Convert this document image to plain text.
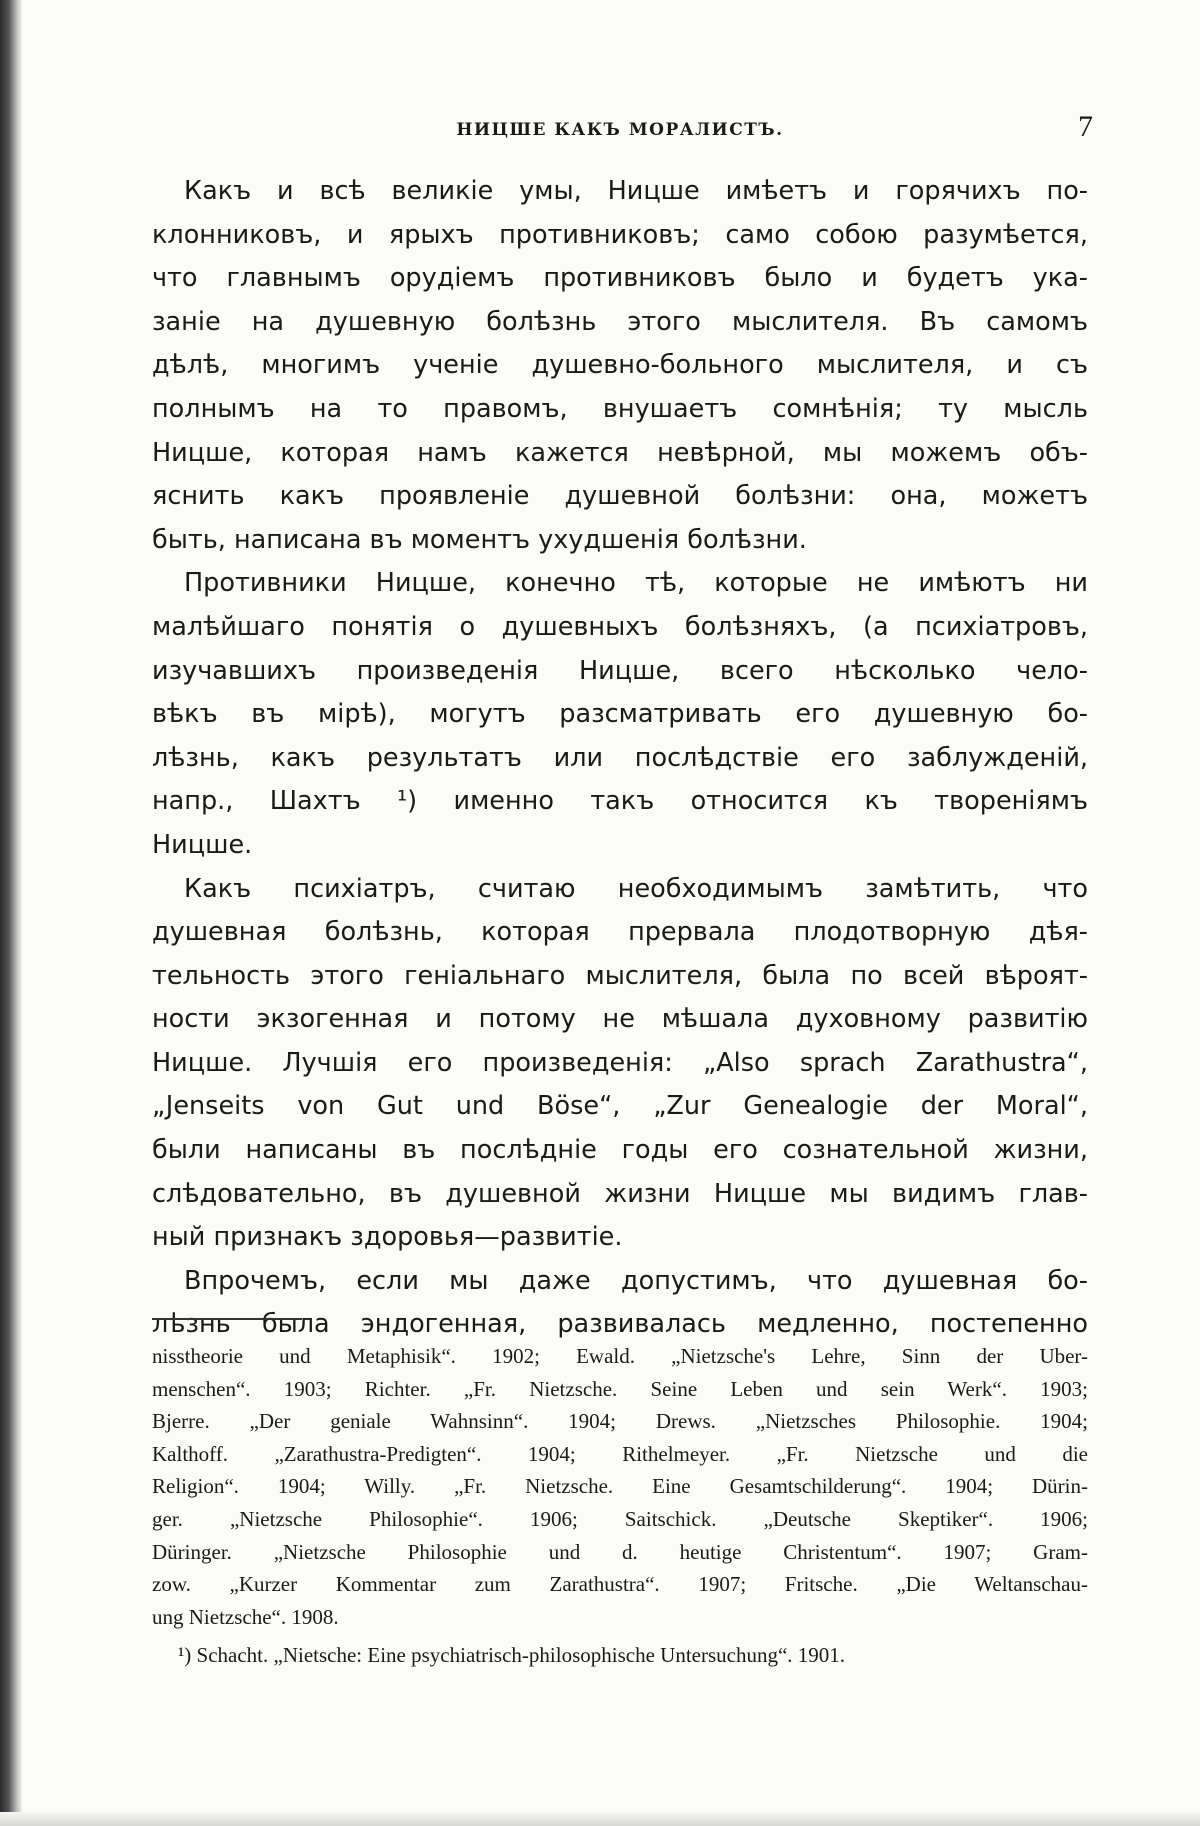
НИЦШЕ КАКЪ МОРАЛИСТЪ.	7
Какъ и всѣ великіе умы, Ницше имѣетъ и горячихъ по-
клонниковъ, и ярыхъ противниковъ; само собою разумѣется,
что главнымъ орудіемъ противниковъ было и будетъ ука-
заніе на душевную болѣзнь этого мыслителя. Въ самомъ
дѣлѣ, многимъ ученіе душевно-больного мыслителя, и съ
полнымъ на то правомъ, внушаетъ сомнѣнія; ту мысль
Ницше, которая намъ кажется невѣрной, мы можемъ объ-
яснить какъ проявленіе душевной болѣзни: она, можетъ
быть, написана въ моментъ ухудшенія болѣзни.
Противники Ницше, конечно тѣ, которые не имѣютъ ни
малѣйшаго понятія о душевныхъ болѣзняхъ, (а психіатровъ,
изучавшихъ произведенія Ницше, всего нѣсколько чело-
вѣкъ въ мірѣ), могутъ разсматривать его душевную бо-
лѣзнь, какъ результатъ или послѣдствіе его заблужденій,
напр., Шахтъ ¹) именно такъ относится къ твореніямъ
Ницше.
Какъ психіатръ, считаю необходимымъ замѣтить, что
душевная болѣзнь, которая прервала плодотворную дѣя-
тельность этого геніальнаго мыслителя, была по всей вѣроят-
ности экзогенная и потому не мѣшала духовному развитію
Ницше. Лучшія его произведенія: „Also sprach Zarathustra“,
„Jenseits von Gut und Böse“, „Zur Genealogie der Moral“,
были написаны въ послѣдніе годы его сознательной жизни,
слѣдовательно, въ душевной жизни Ницше мы видимъ глав-
ный признакъ здоровья—развитіе.
Впрочемъ, если мы даже допустимъ, что душевная бо-
лѣзнь была эндогенная, развивалась медленно, постепенно
nisstheorie und Metaphisik“. 1902; Ewald. „Nietzsche's Lehre, Sinn der Uber-
menschen“. 1903; Richter. „Fr. Nietzsche. Seine Leben und sein Werk“. 1903;
Bjerre. „Der geniale Wahnsinn“. 1904; Drews. „Nietzsches Philosophie. 1904;
Kalthoff. „Zarathustra-Predigten“. 1904; Rithelmeyer. „Fr. Nietzsche und die
Religion“. 1904; Willy. „Fr. Nietzsche. Eine Gesamtschilderung“. 1904; Dürin-
ger. „Nietzsche Philosophie“. 1906; Saitschick. „Deutsche Skeptiker“. 1906;
Düringer. „Nietzsche Philosophie und d. heutige Christentum“. 1907; Gram-
zow. „Kurzer Kommentar zum Zarathustra“. 1907; Fritsche. „Die Weltanschau-
ung Nietzsche“. 1908.
¹) Schacht. „Nietsche: Eine psychiatrisch-philosophische Untersuchung“. 1901.
